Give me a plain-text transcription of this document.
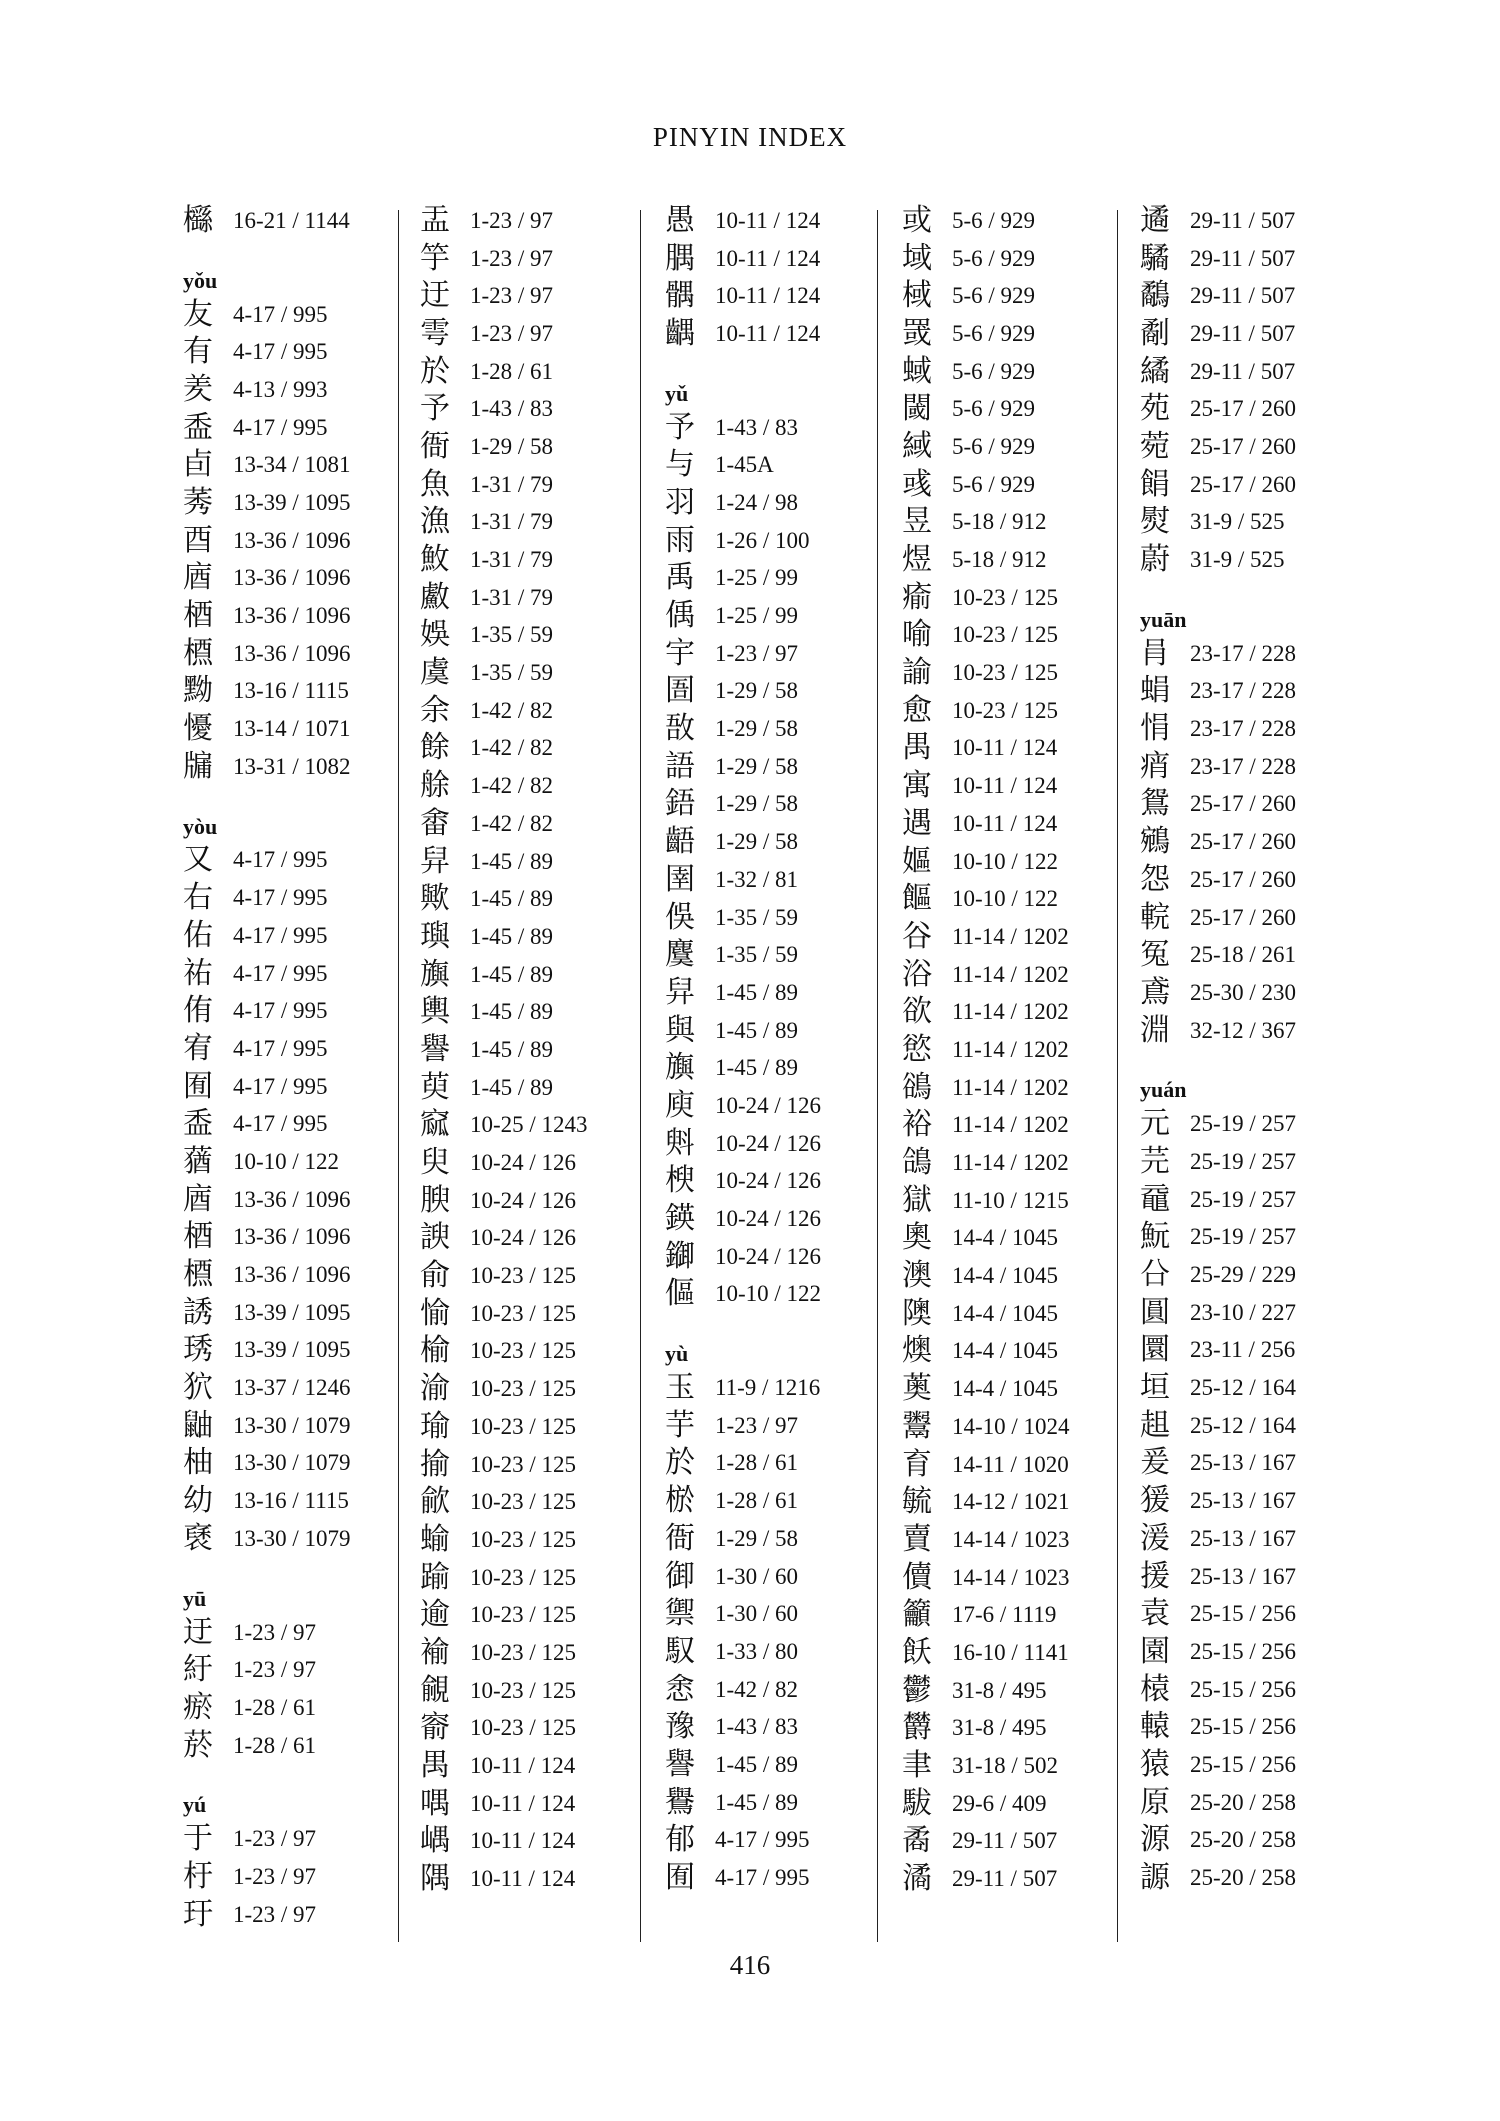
PINYIN INDEX
櫾 16-21 / 1144
yǒu
友 4-17 / 995
有 4-17 / 995
羑 4-13 / 993
盉 4-17 / 995
卣 13-34 / 1081
莠 13-39 / 1095
酉 13-36 / 1096
庮 13-36 / 1096
梄 13-36 / 1096
槱 13-36 / 1096
黝 13-16 / 1115
懮 13-14 / 1071
牖 13-31 / 1082
yòu
又 4-17 / 995
右 4-17 / 995
佑 4-17 / 995
祐 4-17 / 995
侑 4-17 / 995
宥 4-17 / 995
囿 4-17 / 995
盉 4-17 / 995
蕕 10-10 / 122
庮 13-36 / 1096
梄 13-36 / 1096
槱 13-36 / 1096
誘 13-39 / 1095
琇 13-39 / 1095
狖 13-37 / 1246
鼬 13-30 / 1079
柚 13-30 / 1079
幼 13-16 / 1115
褎 13-30 / 1079
yū
迂 1-23 / 97
紆 1-23 / 97
瘀 1-28 / 61
菸 1-28 / 61
yú
于 1-23 / 97
杅 1-23 / 97
玗 1-23 / 97
盂 1-23 / 97
竽 1-23 / 97
迂 1-23 / 97
雩 1-23 / 97
於 1-28 / 61
予 1-43 / 83
衙 1-29 / 58
魚 1-31 / 79
漁 1-31 / 79
䰻 1-31 / 79
䱷 1-31 / 79
娛 1-35 / 59
虞 1-35 / 59
余 1-42 / 82
餘 1-42 / 82
艅 1-42 / 82
畬 1-42 / 82
舁 1-45 / 89
歟 1-45 / 89
璵 1-45 / 89
旟 1-45 / 89
輿 1-45 / 89
譽 1-45 / 89
萸 1-45 / 89
窳 10-25 / 1243
臾 10-24 / 126
腴 10-24 / 126
諛 10-24 / 126
俞 10-23 / 125
愉 10-23 / 125
榆 10-23 / 125
渝 10-23 / 125
瑜 10-23 / 125
揄 10-23 / 125
歈 10-23 / 125
蝓 10-23 / 125
踰 10-23 / 125
逾 10-23 / 125
褕 10-23 / 125
覦 10-23 / 125
窬 10-23 / 125
禺 10-11 / 124
喁 10-11 / 124
嵎 10-11 / 124
隅 10-11 / 124
愚 10-11 / 124
腢 10-11 / 124
髃 10-11 / 124
齵 10-11 / 124
yǔ
予 1-43 / 83
与 1-45A
羽 1-24 / 98
雨 1-26 / 100
禹 1-25 / 99
偊 1-25 / 99
宇 1-23 / 97
圄 1-29 / 58
敔 1-29 / 58
語 1-29 / 58
鋙 1-29 / 58
齬 1-29 / 58
圉 1-32 / 81
俁 1-35 / 59
麌 1-35 / 59
舁 1-45 / 89
與 1-45 / 89
旟 1-45 / 89
庾 10-24 / 126
斞 10-24 / 126
楰 10-24 / 126
鍈 10-24 / 126
䥏 10-24 / 126
傴 10-10 / 122
yù
玉 11-9 / 1216
芋 1-23 / 97
於 1-28 / 61
棜 1-28 / 61
衙 1-29 / 58
御 1-30 / 60
禦 1-30 / 60
馭 1-33 / 80
悆 1-42 / 82
豫 1-43 / 83
譽 1-45 / 89
鸒 1-45 / 89
郁 4-17 / 995
囿 4-17 / 995
或 5-6 / 929
域 5-6 / 929
棫 5-6 / 929
罭 5-6 / 929
蜮 5-6 / 929
閾 5-6 / 929
緎 5-6 / 929
彧 5-6 / 929
昱 5-18 / 912
煜 5-18 / 912
瘉 10-23 / 125
喻 10-23 / 125
諭 10-23 / 125
愈 10-23 / 125
禺 10-11 / 124
寓 10-11 / 124
遇 10-11 / 124
嫗 10-10 / 122
饇 10-10 / 122
谷 11-14 / 1202
浴 11-14 / 1202
欲 11-14 / 1202
慾 11-14 / 1202
鵒 11-14 / 1202
裕 11-14 / 1202
鴿 11-14 / 1202
獄 11-10 / 1215
奧 14-4 / 1045
澳 14-4 / 1045
隩 14-4 / 1045
燠 14-4 / 1045
薁 14-4 / 1045
鬻 14-10 / 1024
育 14-11 / 1020
毓 14-12 / 1021
賣 14-14 / 1023
儥 14-14 / 1023
籲 17-6 / 1119
飫 16-10 / 1141
鬱 31-8 / 495
欝 31-8 / 495
聿 31-18 / 502
䮂 29-6 / 409
矞 29-11 / 507
潏 29-11 / 507
遹 29-11 / 507
驈 29-11 / 507
鷸 29-11 / 507
劀 29-11 / 507
繘 29-11 / 507
苑 25-17 / 260
菀 25-17 / 260
䬼 25-17 / 260
熨 31-9 / 525
蔚 31-9 / 525
yuān
肙 23-17 / 228
蜎 23-17 / 228
悁 23-17 / 228
痟 23-17 / 228
鴛 25-17 / 260
鵷 25-17 / 260
怨 25-17 / 260
輐 25-17 / 260
冤 25-18 / 261
鳶 25-30 / 230
淵 32-12 / 367
yuán
元 25-19 / 257
芫 25-19 / 257
黿 25-19 / 257
魭 25-19 / 257
㕣 25-29 / 229
圓 23-10 / 227
圜 23-11 / 256
垣 25-12 / 164
趄 25-12 / 164
爰 25-13 / 167
猨 25-13 / 167
湲 25-13 / 167
援 25-13 / 167
袁 25-15 / 256
園 25-15 / 256
榬 25-15 / 256
轅 25-15 / 256
猿 25-15 / 256
原 25-20 / 258
源 25-20 / 258
謜 25-20 / 258
416
